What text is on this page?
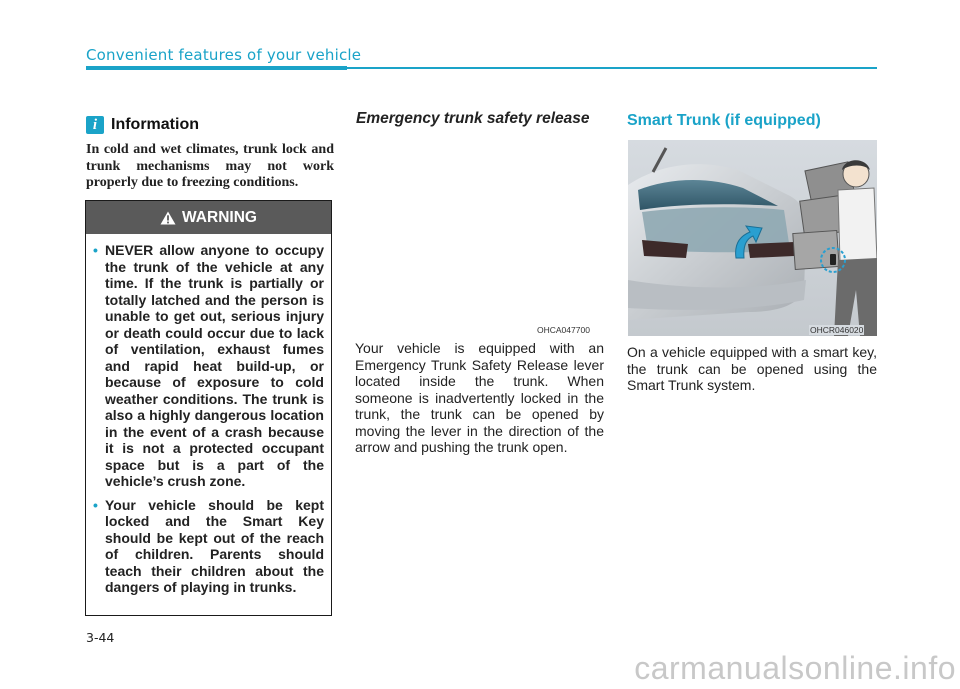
Convenient features of your vehicle
i Information
In cold and wet climates, trunk lock and trunk mechanisms may not work properly due to freezing conditions.
WARNING
• NEVER allow anyone to occupy the trunk of the vehicle at any time. If the trunk is partially or totally latched and the person is unable to get out, serious injury or death could occur due to lack of ventilation, exhaust fumes and rapid heat build-up, or because of exposure to cold weather conditions. The trunk is also a highly dangerous location in the event of a crash because it is not a protected occupant space but is a part of the vehicle’s crush zone.
• Your vehicle should be kept locked and the Smart Key should be kept out of the reach of children. Parents should teach their children about the dangers of playing in trunks.
Emergency trunk safety release
OHCA047700
Your vehicle is equipped with an Emergency Trunk Safety Release lever located inside the trunk. When someone is inadvertently locked in the trunk, the trunk can be opened by moving the lever in the direction of the arrow and pushing the trunk open.
Smart Trunk (if equipped)
OHCR046020
On a vehicle equipped with a smart key, the trunk can be opened using the Smart Trunk system.
3-44
carmanualsonline.info
